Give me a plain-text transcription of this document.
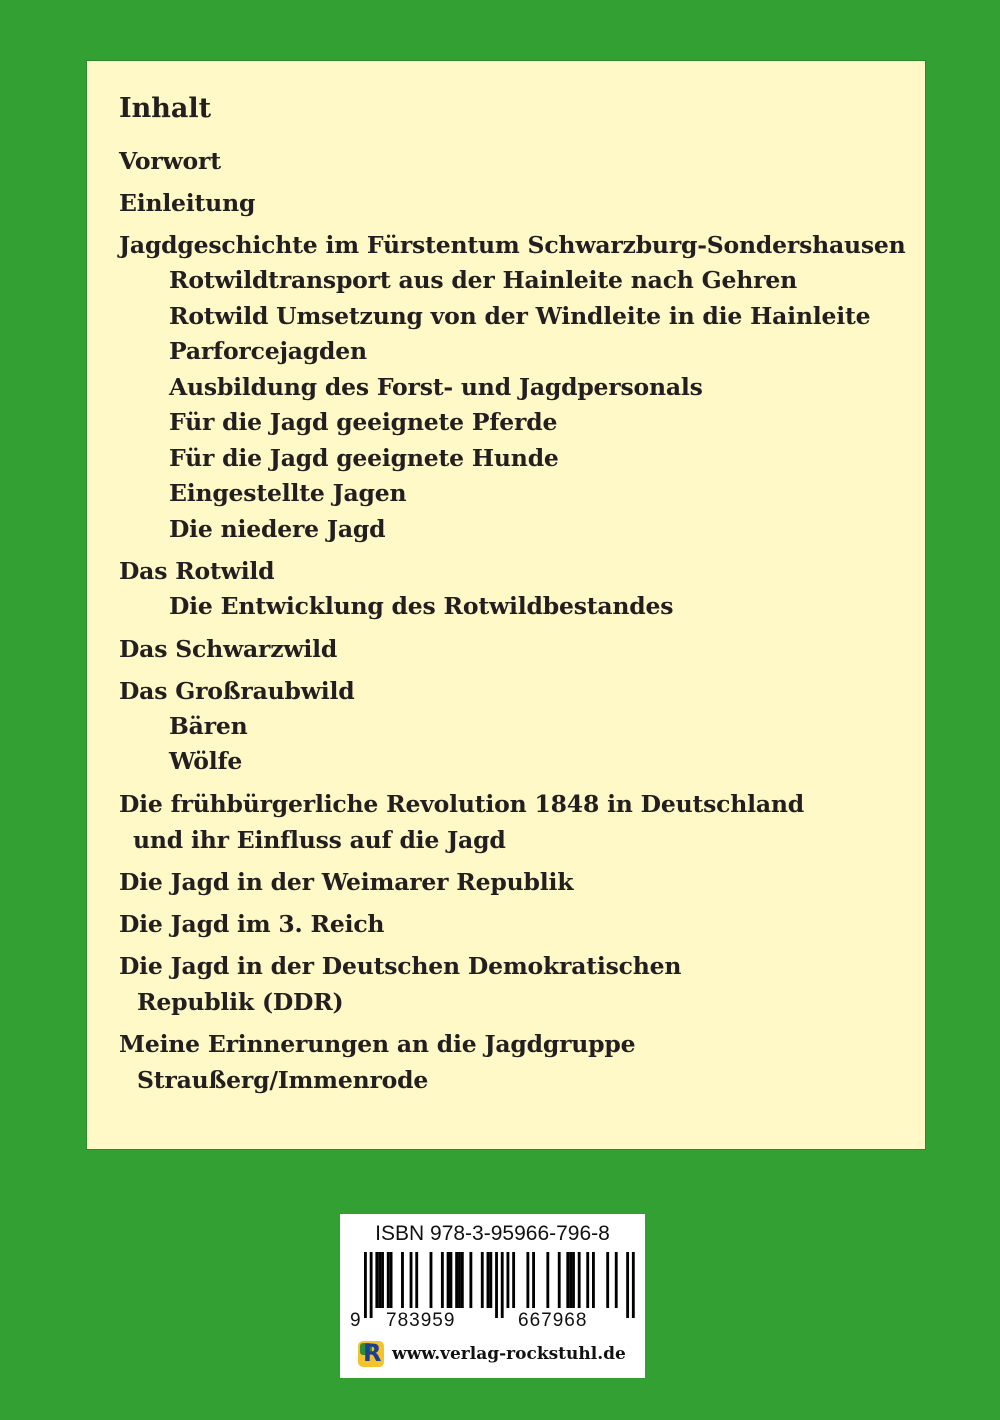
Inhalt
Vorwort
Einleitung
Jagdgeschichte im Fürstentum Schwarzburg-Sondershausen
Rotwildtransport aus der Hainleite nach Gehren
Rotwild Umsetzung von der Windleite in die Hainleite
Parforcejagden
Ausbildung des Forst- und Jagdpersonals
Für die Jagd geeignete Pferde
Für die Jagd geeignete Hunde
Eingestellte Jagen
Die niedere Jagd
Das Rotwild
Die Entwicklung des Rotwildbestandes
Das Schwarzwild
Das Großraubwild
Bären
Wölfe
Die frühbürgerliche Revolution 1848 in Deutschland
und ihr Einfluss auf die Jagd
Die Jagd in der Weimarer Republik
Die Jagd im 3. Reich
Die Jagd in der Deutschen Demokratischen
Republik (DDR)
Meine Erinnerungen an die Jagdgruppe
Straußerg/Immenrode
ISBN 978-3-95966-796-8
9 783959	667968
R
www.verlag-rockstuhl.de
